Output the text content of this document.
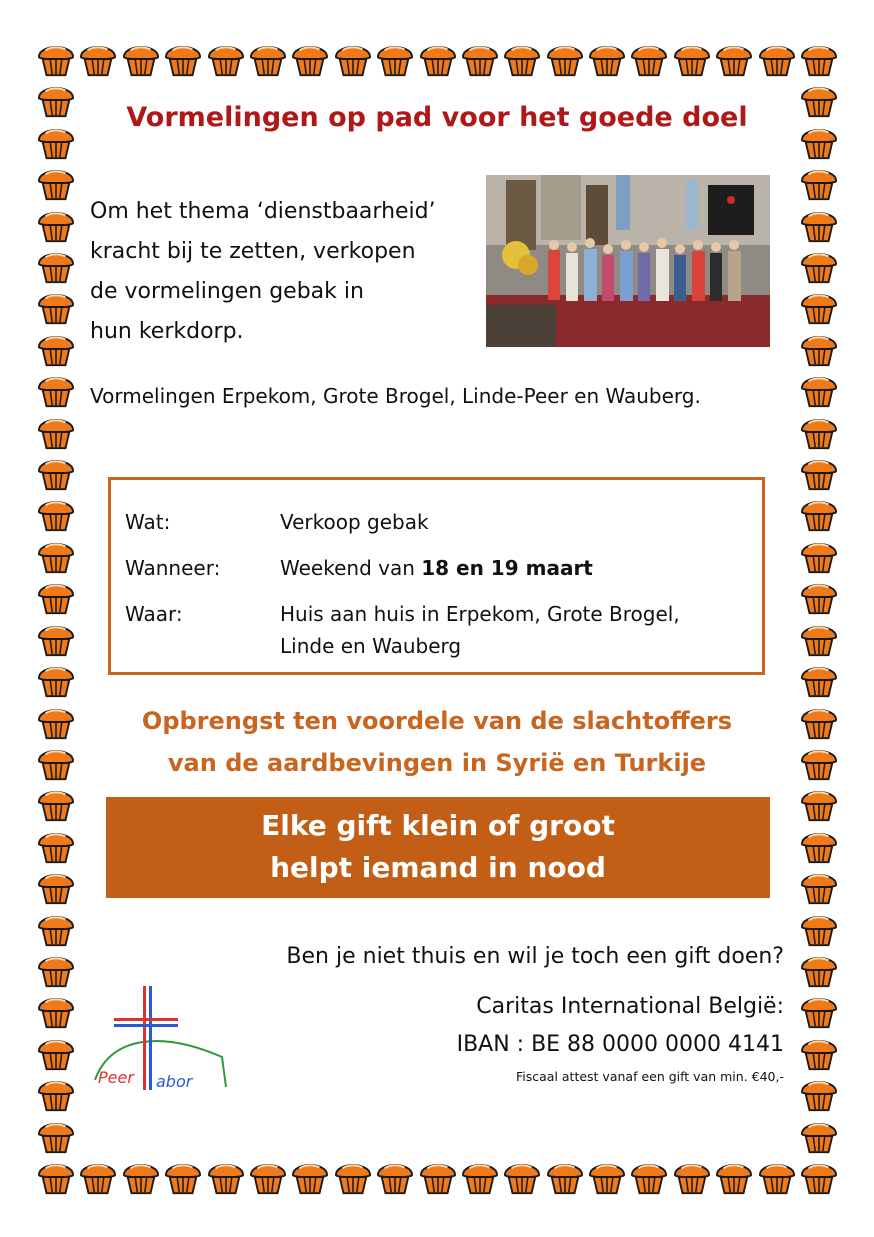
Vormelingen op pad voor het goede doel
Om het thema ‘dienstbaarheid’
kracht bij te zetten, verkopen
de vormelingen gebak in
hun kerkdorp.
Vormelingen Erpekom, Grote Brogel, Linde-Peer en Wauberg.
Wat:	Verkoop gebak
Wanneer:	Weekend van 18 en 19 maart
Waar:	Huis aan huis in Erpekom, Grote Brogel,
Linde en Wauberg
Opbrengst ten voordele van de slachtoffers
van de aardbevingen in Syrië en Turkije
Elke gift klein of groot
helpt iemand in nood
Ben je niet thuis en wil je toch een gift doen?
Caritas International België:
IBAN : BE 88 0000 0000 4141
Fiscaal attest vanaf een gift van min. €40,-
Peer abor
